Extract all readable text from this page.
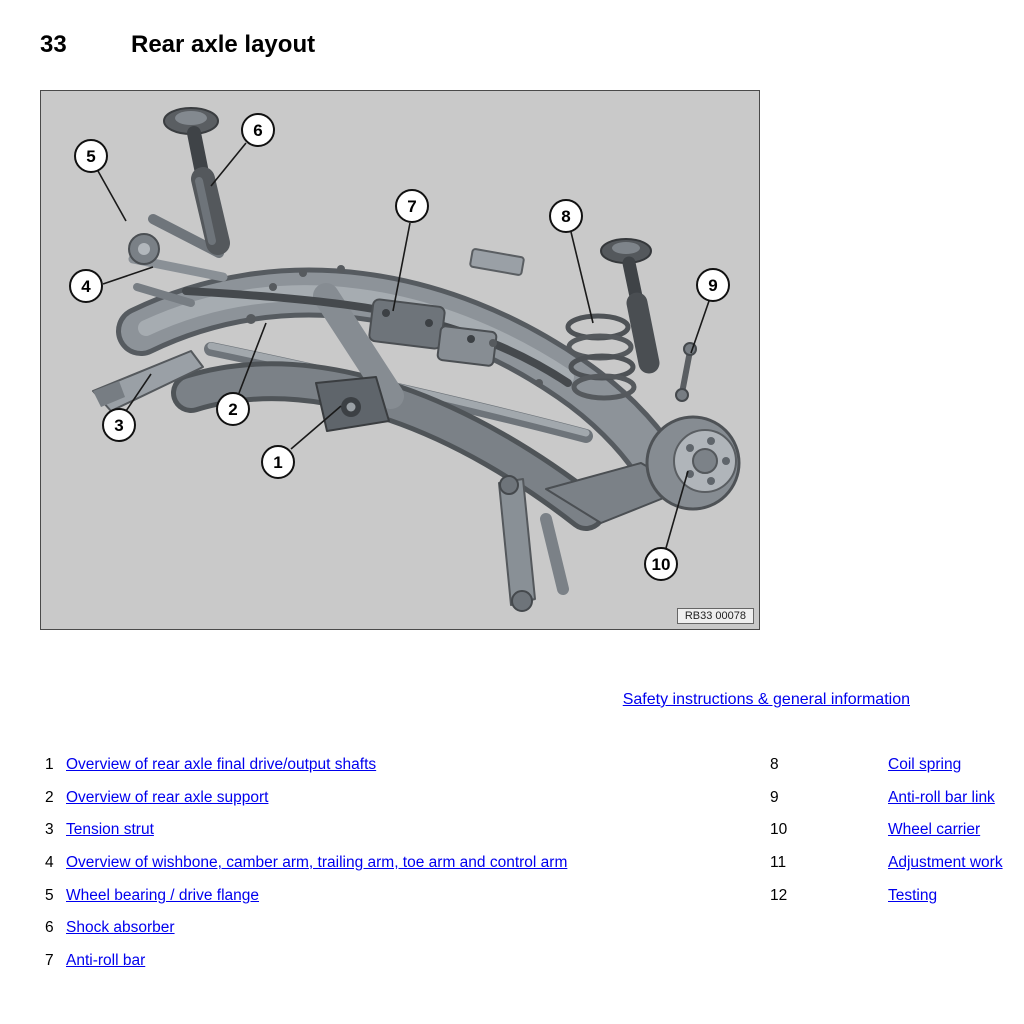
33	Rear axle layout
1
2
3
4
5
6
7
8
9
10
RB33 00078
Safety instructions & general information
1 Overview of rear axle final drive/output shafts
2 Overview of rear axle support
3 Tension strut
4 Overview of wishbone, camber arm, trailing arm, toe arm and control arm
5 Wheel bearing / drive flange
6 Shock absorber
7 Anti-roll bar
8	Coil spring
9	Anti-roll bar link
10	Wheel carrier
11	Adjustment work
12	Testing
